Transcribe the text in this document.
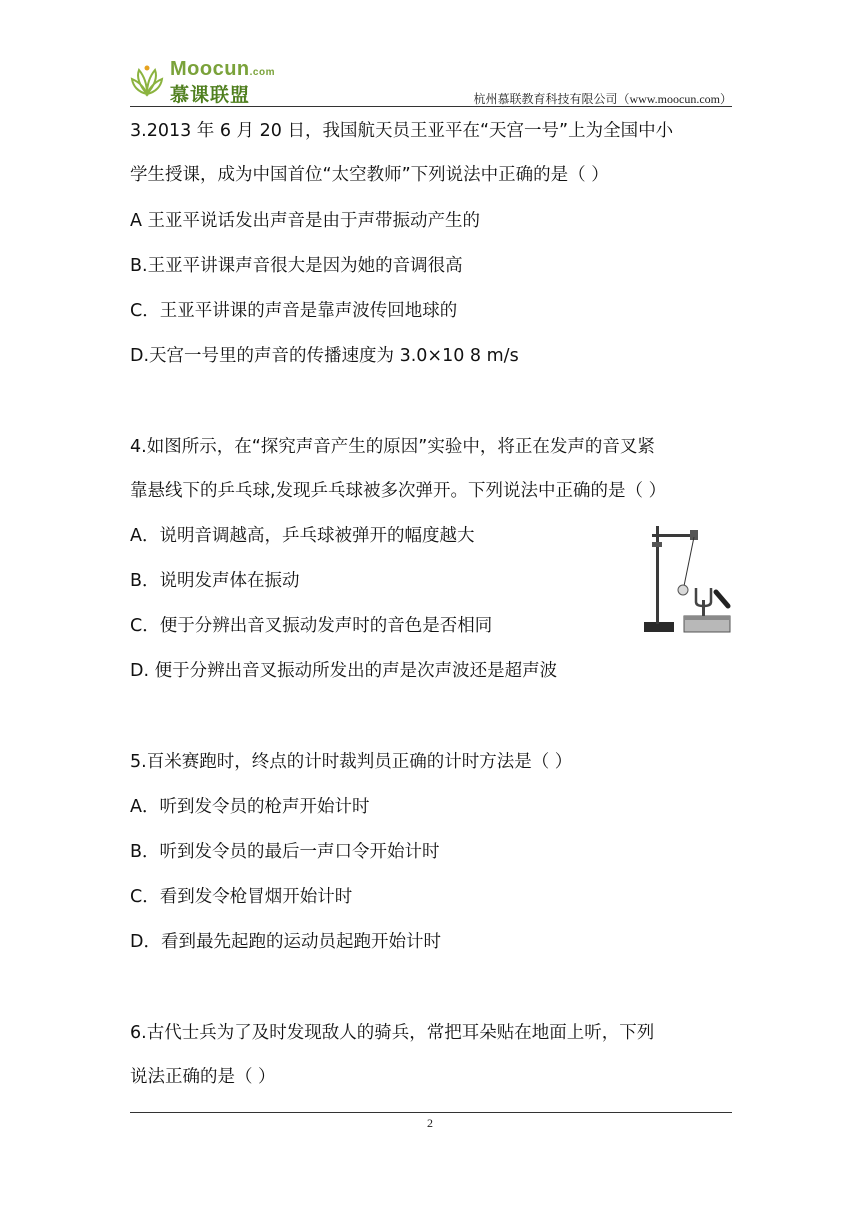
Moocun.com
慕课联盟	杭州慕联教育科技有限公司（www.moocun.com）
3.2013 年 6 月 20 日，我国航天员王亚平在“天宫一号”上为全国中小
学生授课，成为中国首位“太空教师”下列说法中正确的是（ ）
A 王亚平说话发出声音是由于声带振动产生的
B.王亚平讲课声音很大是因为她的音调很高
C．王亚平讲课的声音是靠声波传回地球的
D.天宫一号里的声音的传播速度为 3.0×10 8 m/s
4.如图所示，在“探究声音产生的原因”实验中，将正在发声的音叉紧
靠悬线下的乒乓球,发现乒乓球被多次弹开。下列说法中正确的是（ ）
A．说明音调越高，乒乓球被弹开的幅度越大
B．说明发声体在振动
C．便于分辨出音叉振动发声时的音色是否相同
D. 便于分辨出音叉振动所发出的声是次声波还是超声波
5.百米赛跑时，终点的计时裁判员正确的计时方法是（ ）
A．听到发令员的枪声开始计时
B．听到发令员的最后一声口令开始计时
C．看到发令枪冒烟开始计时
D．看到最先起跑的运动员起跑开始计时
6.古代士兵为了及时发现敌人的骑兵，常把耳朵贴在地面上听，下列
说法正确的是（ ）
2
